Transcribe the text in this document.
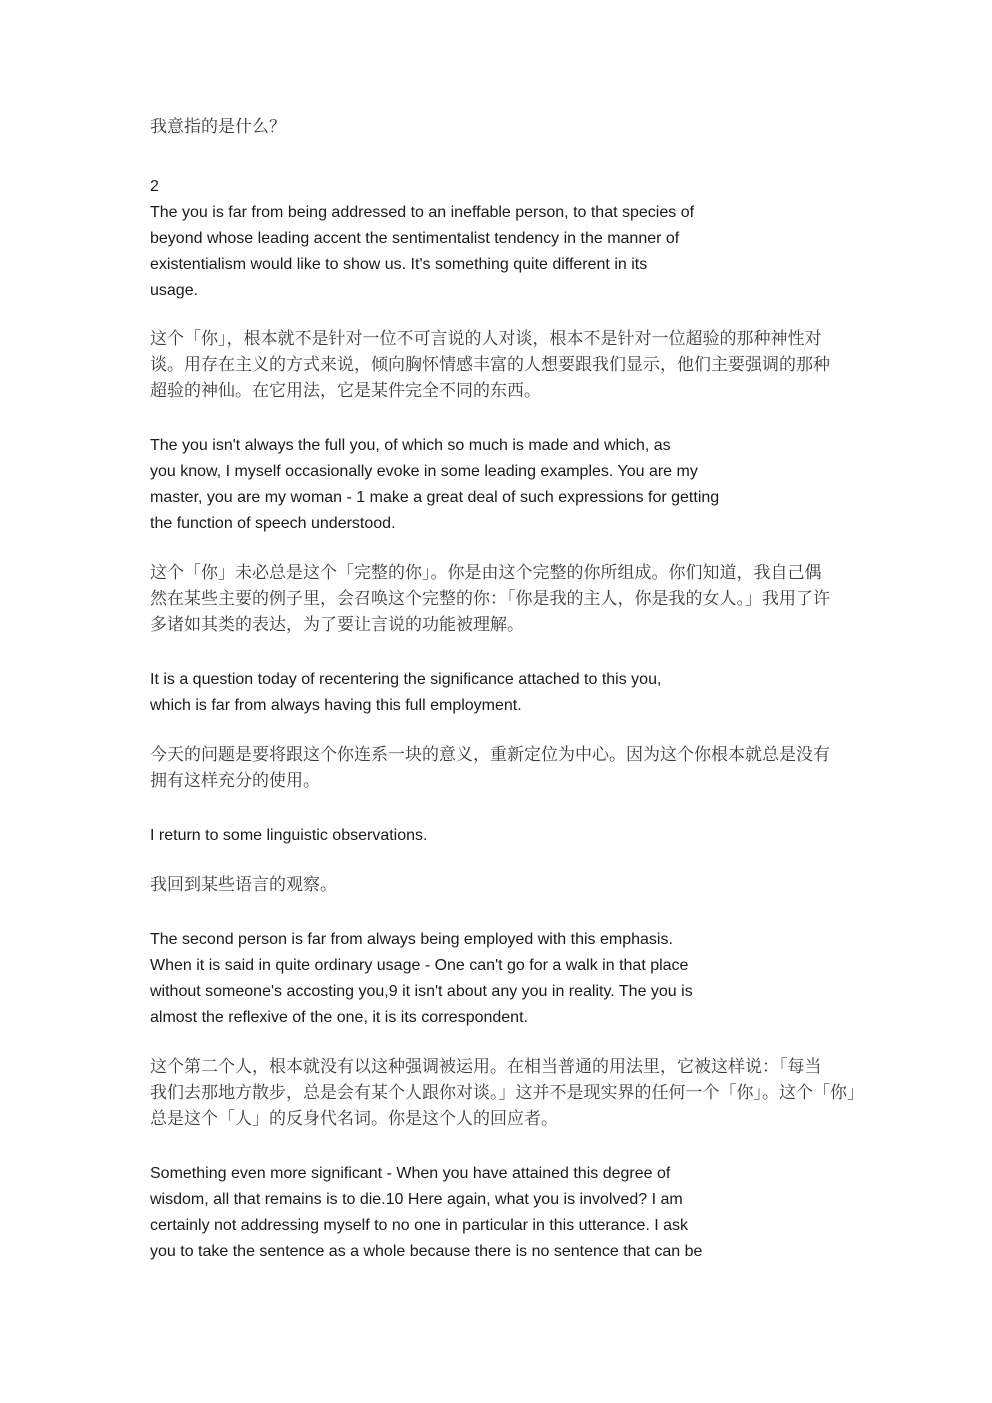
我意指的是什么？
2
The you is far from being addressed to an ineffable person, to that species of
beyond whose leading accent the sentimentalist tendency in the manner of
existentialism would like to show us. It's something quite different in its
usage.
这个「你」，根本就不是针对一位不可言说的人对谈，根本不是针对一位超验的那种神性对
谈。用存在主义的方式来说，倾向胸怀情感丰富的人想要跟我们显示，他们主要强调的那种
超验的神仙。在它用法，它是某件完全不同的东西。
The you isn't always the full you, of which so much is made and which, as
you know, I myself occasionally evoke in some leading examples. You are my
master, you are my woman - 1 make a great deal of such expressions for getting
the function of speech understood.
这个「你」未必总是这个「完整的你」。你是由这个完整的你所组成。你们知道，我自己偶
然在某些主要的例子里，会召唤这个完整的你：「你是我的主人，你是我的女人。」我用了许
多诸如其类的表达，为了要让言说的功能被理解。
It is a question today of recentering the significance attached to this you,
which is far from always having this full employment.
今天的问题是要将跟这个你连系一块的意义，重新定位为中心。因为这个你根本就总是没有
拥有这样充分的使用。
I return to some linguistic observations.
我回到某些语言的观察。
The second person is far from always being employed with this emphasis.
When it is said in quite ordinary usage - One can't go for a walk in that place
without someone's accosting you,9 it isn't about any you in reality. The you is
almost the reflexive of the one, it is its correspondent.
这个第二个人，根本就没有以这种强调被运用。在相当普通的用法里，它被这样说：「每当
我们去那地方散步，总是会有某个人跟你对谈。」这并不是现实界的任何一个「你」。这个「你」
总是这个「人」的反身代名词。你是这个人的回应者。
Something even more significant - When you have attained this degree of
wisdom, all that remains is to die.10 Here again, what you is involved? I am
certainly not addressing myself to no one in particular in this utterance. I ask
you to take the sentence as a whole because there is no sentence that can be
